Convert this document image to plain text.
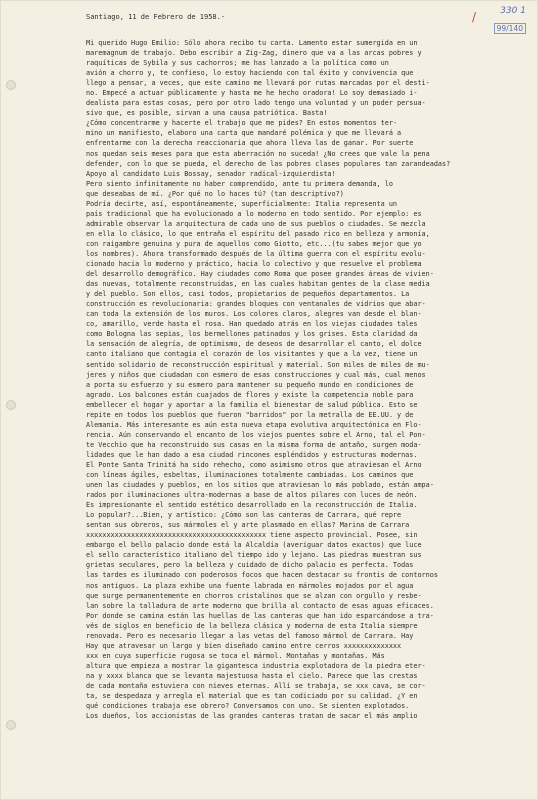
/	330 1
99/140
Santiago, 11 de Febrero de 1958.-
Mi querido Hugo Emilio: Sólo ahora recibo tu carta. Lamento estar sumergida en un
maremagnum de trabajo. Debo escribir a Zig-Zag, dinero que va a las arcas pobres y
raquíticas de Sybila y sus cachorros; me has lanzado a la política como un
avión a chorro y, te confieso, lo estoy haciendo con tal éxito y convivencia que
llego a pensar, a veces, que este camino me llevará por rutas marcadas por el desti-
no. Empecé a actuar públicamente y hasta me he hecho oradora! Lo soy demasiado i-
dealista para estas cosas, pero por otro lado tengo una voluntad y un poder persua-
sivo que, es posible, sirvan a una causa patriótica. Basta!
¿Cómo concentrarme y hacerte el trabajo que me pides? En estos momentos ter-
mino un manifiesto, elaboro una carta que mandaré polémica y que me llevará a
enfrentarme con la derecha reaccionaria que ahora lleva las de ganar. Por suerte
nos quedan seis meses para que esta aberración no suceda! ¿No crees que vale la pena
defender, con lo que se pueda, el derecho de las pobres clases populares tan zarandeadas?
Apoyo al candidato Luis Bossay, senador radical-izquierdista!
Pero siento infinitamente no haber comprendido, ante tu primera demanda, lo
que deseabas de mí. ¿Por qué no lo haces tú? (tan descriptivo?)
Podría decirte, así, espontáneamente, superficialmente: Italia representa un
país tradicional que ha evolucionado a lo moderno en todo sentido. Por ejemplo: es
admirable observar la arquitectura de cada uno de sus pueblos o ciudades. Se mezcla
en ella lo clásico, lo que entraña el espíritu del pasado rico en belleza y armonía,
con raigambre genuina y pura de aquellos como Giotto, etc...(tu sabes mejor que yo
los nombres). Ahora transformado después de la última guerra con el espíritu evolu-
cionado hacia lo moderno y práctico, hacia lo colectivo y que resuelve el problema
del desarrollo demográfico. Hay ciudades como Roma que posee grandes áreas de vivien-
das nuevas, totalmente reconstruidas, en las cuales habitan gentes de la clase media
y del pueblo. Son ellos, casi todos, propietarios de pequeños departamentos. La
construcción es revolucionaria: grandes bloques con ventanales de vidrios que abar-
can toda la extensión de los muros. Los colores claros, alegres van desde el blan-
co, amarillo, verde hasta el rosa. Han quedado atrás en los viejas ciudades tales
como Bologna las sepias, los bermellones patinados y los grises. Esta claridad da
la sensación de alegría, de optimismo, de deseos de desarrollar el canto, el dolce
canto italiano que contagia el corazón de los visitantes y que a la vez, tiene un
sentido solidario de reconstrucción espiritual y material. Son miles de miles de mu-
jeres y niños que ciudadan con esmero de esas construcciones y cual más, cual menos
a porta su esfuerzo y su esmero para mantener su pequeño mundo en condiciones de
agrado. Los balcones están cuajados de flores y existe la competencia noble para
embellecer el hogar y aportar a la familia el bienestar de salud pública. Esto se
repite en todos los pueblos que fueron "barridos" por la metralla de EE.UU. y de
Alemania. Más interesante es aún esta nueva etapa evolutiva arquitectónica en Flo-
rencia. Aún conservando el encanto de los viejos puentes sobre el Arno, tal el Pon-
te Vecchio que ha reconstruido sus casas en la misma forma de antaño, surgen moda-
lidades que le han dado a esa ciudad rincones espléndidos y estructuras modernas.
El Ponte Santa Trinitá ha sido rehecho, como asimismo otros que atraviesan el Arno
con líneas ágiles, esbeltas, iluminaciones totalmente cambiadas. Los caminos que
unen las ciudades y pueblos, en los sitios que atraviesan lo más poblado, están ampa-
rados por iluminaciones ultra-modernas a base de altos pilares con luces de neón.
Es impresionante el sentido estético desarrollado en la reconstrucción de Italia.
Lo popular?...Bien, y artístico: ¿Cómo son las canteras de Carrara, qué repre
sentan sus obreros, sus mármoles el y arte plasmado en ellas? Marina de Carrara
xxxxxxxxxxxxxxxxxxxxxxxxxxxxxxxxxxxxxxxxxxxx tiene aspecto provincial. Posee, sin
embargo el bello palacio donde está la Alcaldía (averiguar datos exactos) que luce
el sello característico italiano del tiempo ido y lejano. Las piedras muestran sus
grietas seculares, pero la belleza y cuidado de dicho palacio es perfecta. Todas
las tardes es iluminado con poderosos focos que hacen destacar su frontis de contornos
nos antiguos. La plaza exhibe una fuente labrada en mármoles mojados por el agua
que surge permanentemente en chorros cristalinos que se alzan con orgullo y resbe-
lan sobre la talladura de arte moderno que brilla al contacto de esas aguas eficaces.
Por donde se camina están las huellas de las canteras que han ido esparcándose a tra-
vés de siglos en beneficio de la belleza clásica y moderna de esta Italia siempre
renovada. Pero es necesario llegar a las vetas del famoso mármol de Carrara. Hay
Hay que atravesar un largo y bien diseñado camino entre cerros xxxxxxxxxxxxxx
xxx en cuya superficie rugosa se toca el mármol. Montañas y montañas. Más
altura que empieza a mostrar la gigantesca industria explotadora de la piedra eter-
na y xxxx blanca que se levanta majestuosa hasta el cielo. Parece que las crestas
de cada montaña estuviera con nieves eternas. Allí se trabaja, se xxx cava, se cor-
ta, se despedaza y arregla el material que es tan codiciado por su calidad. ¿Y en
qué condiciones trabaja ese obrero? Conversamos con uno. Se sienten explotados.
Los dueños, los accionistas de las grandes canteras tratan de sacar el más amplio
